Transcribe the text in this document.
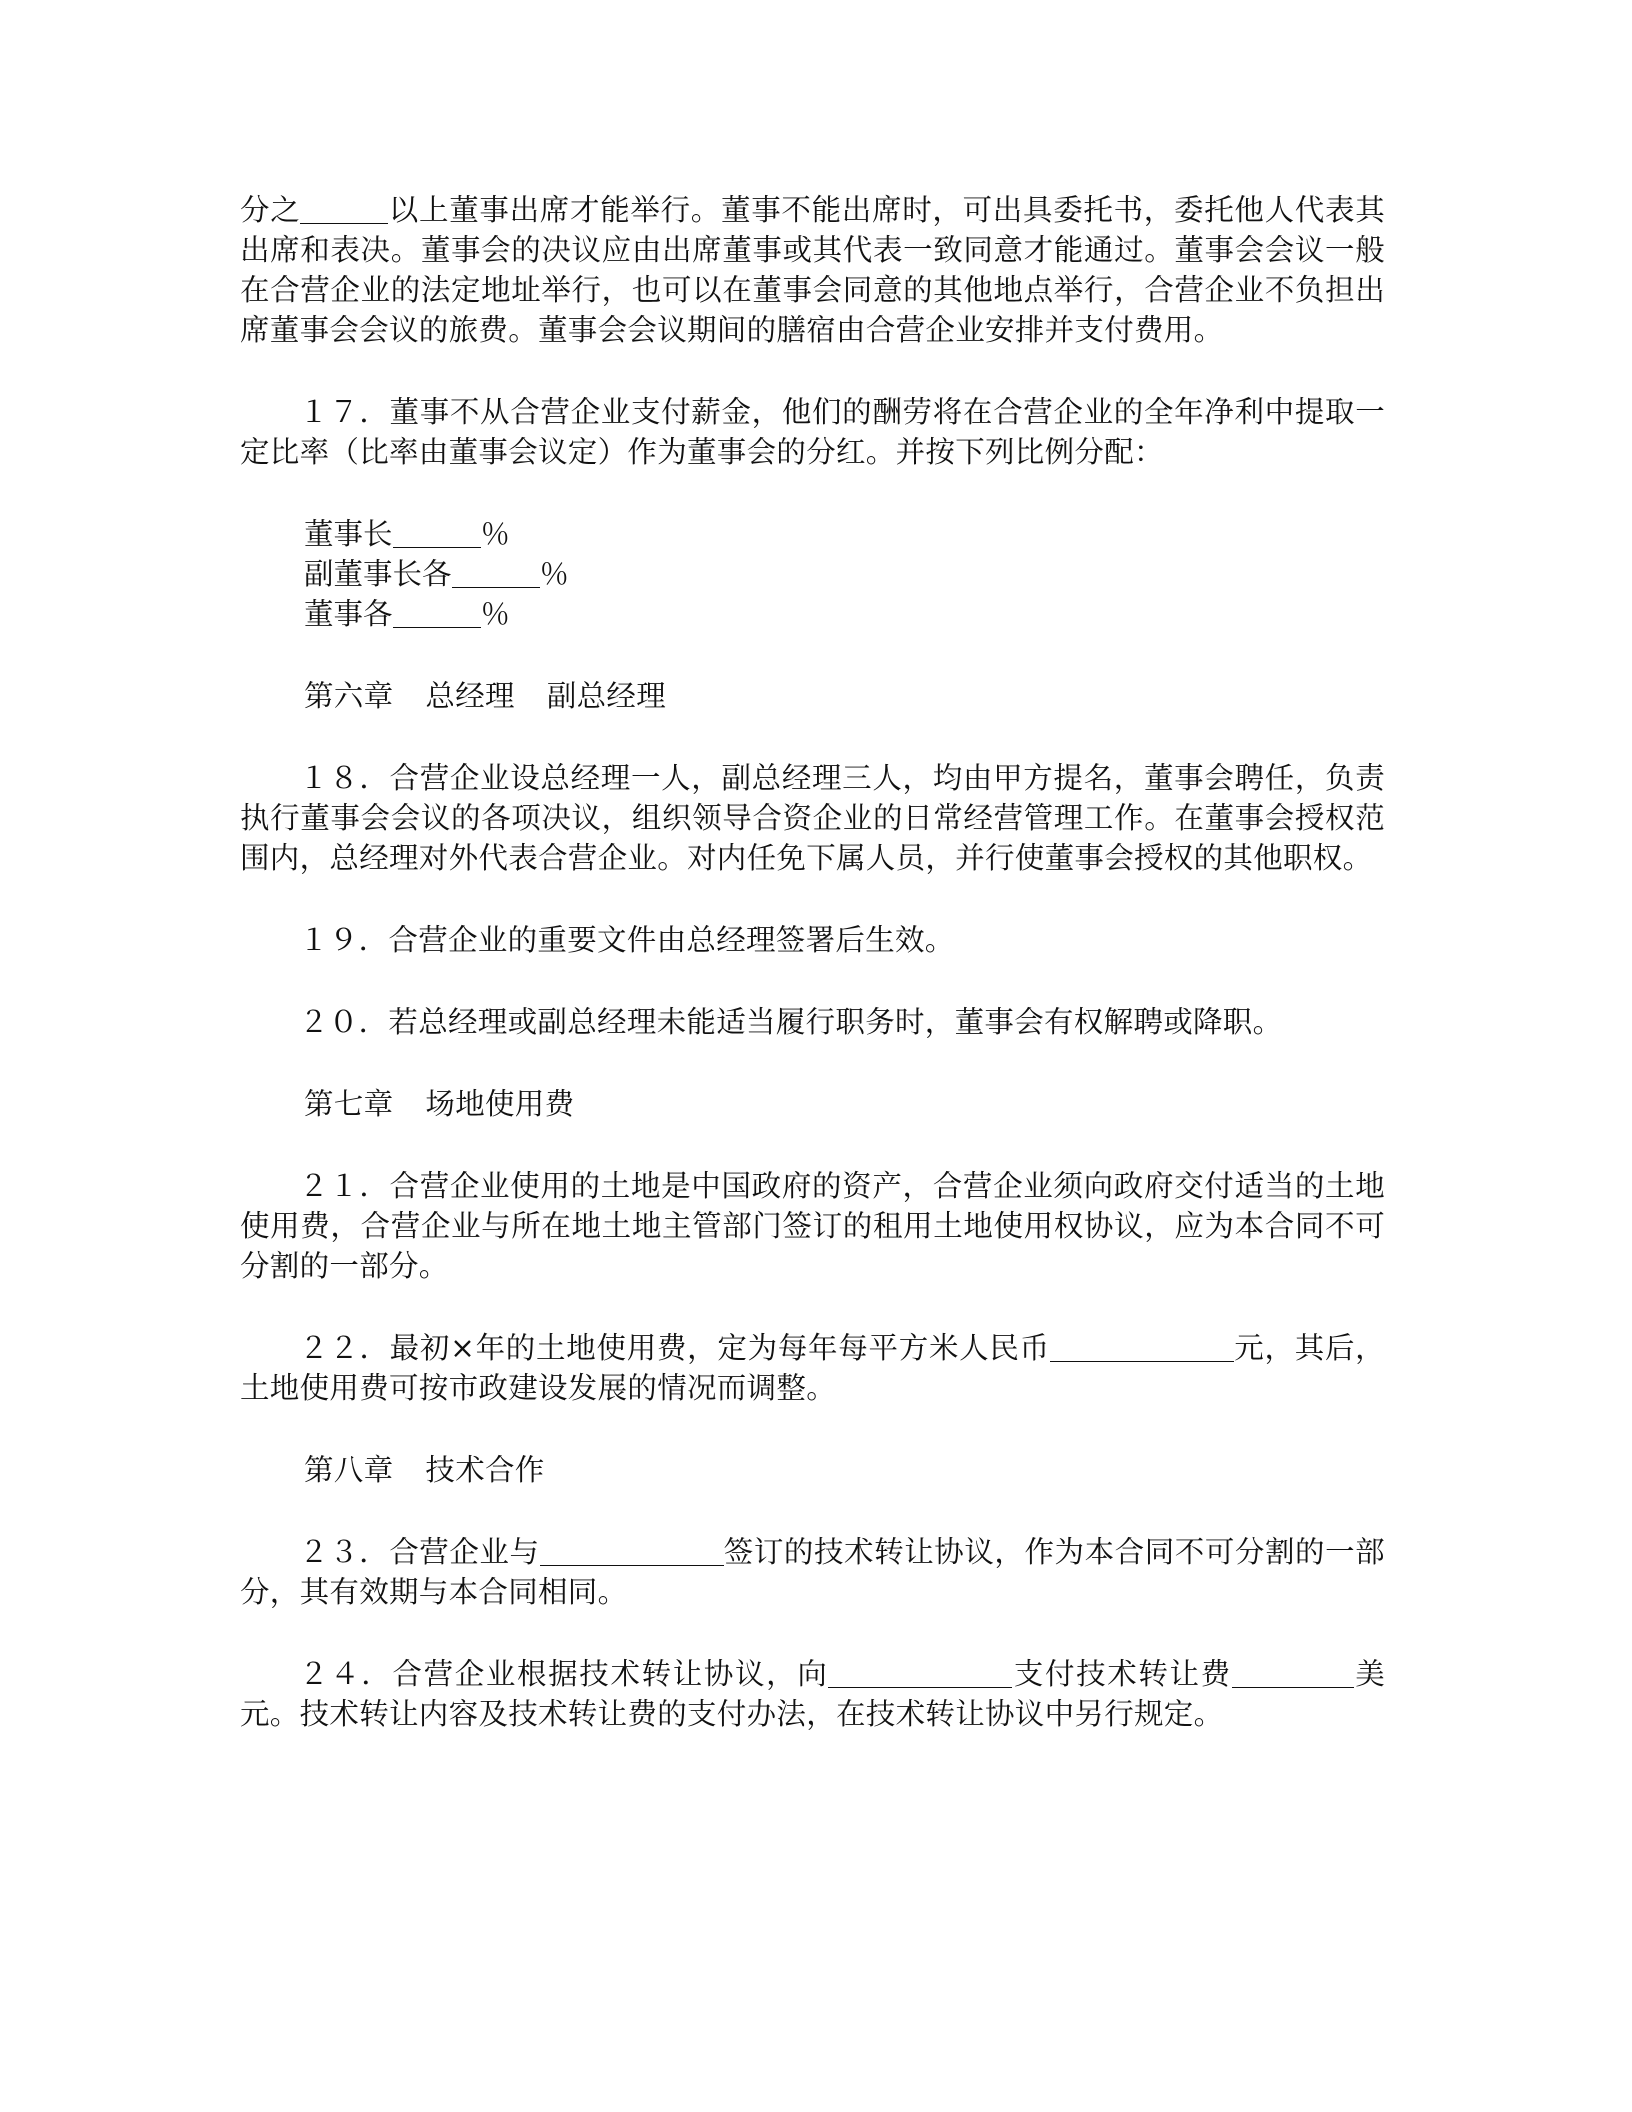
分之	以上董事出席才能举行。董事不能出席时，可出具委托书，委托他人代表其出席和表决。董事会的决议应由出席董事或其代表一致同意才能通过。董事会会议一般在合营企业的法定地址举行，也可以在董事会同意的其他地点举行，合营企业不负担出席董事会会议的旅费。董事会会议期间的膳宿由合营企业安排并支付费用。

１７．董事不从合营企业支付薪金，他们的酬劳将在合营企业的全年净利中提取一定比率（比率由董事会议定）作为董事会的分红。并按下列比例分配：

董事长	％
副董事长各	％
董事各	％

第六章 总经理 副总经理

１８．合营企业设总经理一人，副总经理三人，均由甲方提名，董事会聘任，负责执行董事会会议的各项决议，组织领导合资企业的日常经营管理工作。在董事会授权范围内，总经理对外代表合营企业。对内任免下属人员，并行使董事会授权的其他职权。

１９．合营企业的重要文件由总经理签署后生效。

２０．若总经理或副总经理未能适当履行职务时，董事会有权解聘或降职。

第七章 场地使用费

２１．合营企业使用的土地是中国政府的资产，合营企业须向政府交付适当的土地使用费，合营企业与所在地土地主管部门签订的租用土地使用权协议，应为本合同不可分割的一部分。

２２．最初×年的土地使用费，定为每年每平方米人民币	元，其后，土地使用费可按市政建设发展的情况而调整。

第八章 技术合作

２３．合营企业与	签订的技术转让协议，作为本合同不可分割的一部分，其有效期与本合同相同。

２４．合营企业根据技术转让协议，向	支付技术转让费	美元。技术转让内容及技术转让费的支付办法，在技术转让协议中另行规定。
